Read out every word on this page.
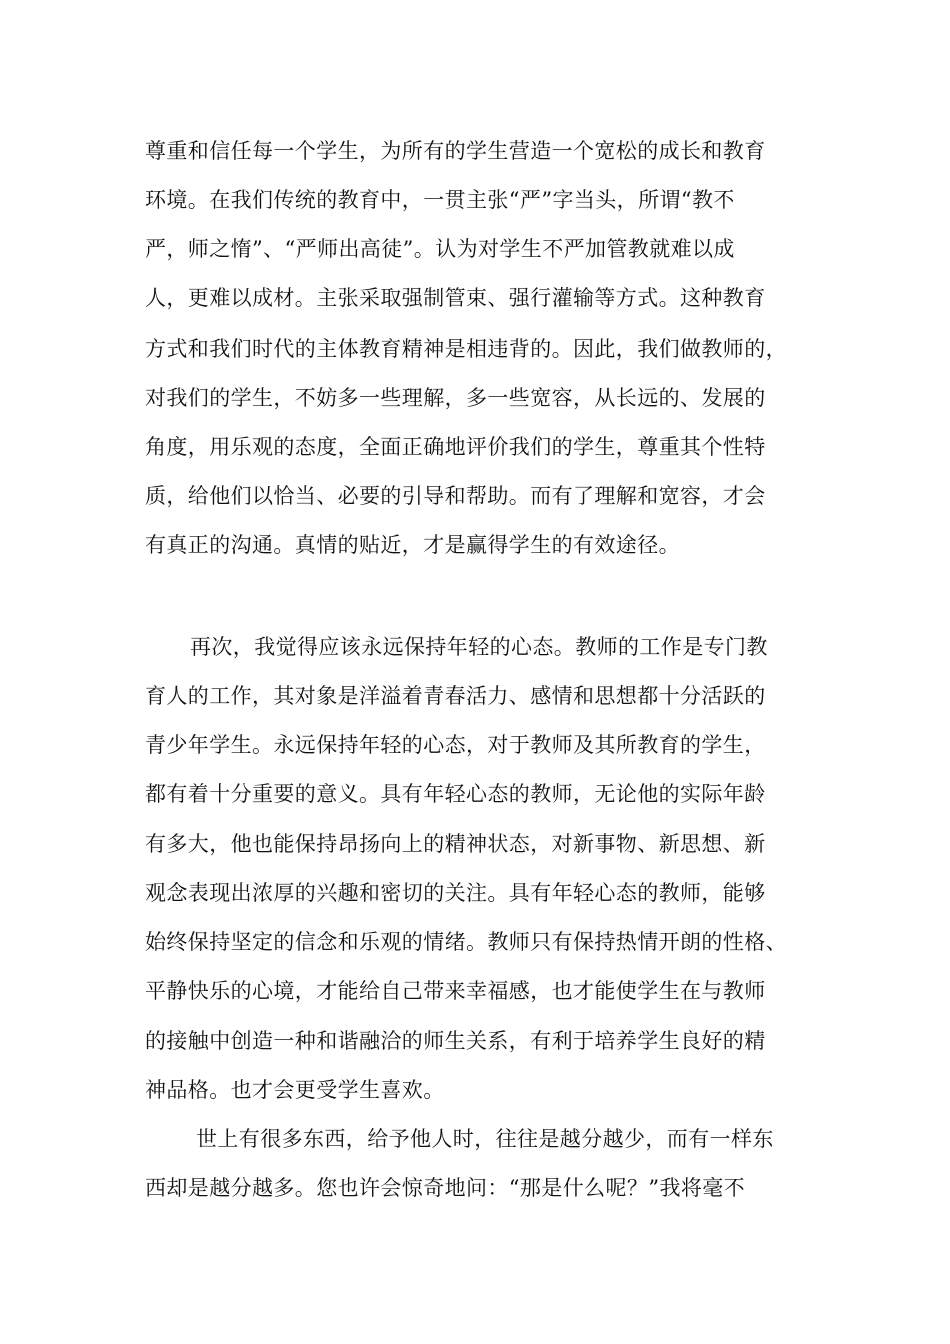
尊重和信任每一个学生，为所有的学生营造一个宽松的成长和教育
环境。在我们传统的教育中，一贯主张“严”字当头，所谓“教不
严，师之惰”、“严师出高徒”。认为对学生不严加管教就难以成
人，更难以成材。主张采取强制管束、强行灌输等方式。这种教育
方式和我们时代的主体教育精神是相违背的。因此，我们做教师的，
对我们的学生，不妨多一些理解，多一些宽容，从长远的、发展的
角度，用乐观的态度，全面正确地评价我们的学生，尊重其个性特
质，给他们以恰当、必要的引导和帮助。而有了理解和宽容，才会
有真正的沟通。真情的贴近，才是赢得学生的有效途径。
再次，我觉得应该永远保持年轻的心态。教师的工作是专门教
育人的工作，其对象是洋溢着青春活力、感情和思想都十分活跃的
青少年学生。永远保持年轻的心态，对于教师及其所教育的学生，
都有着十分重要的意义。具有年轻心态的教师，无论他的实际年龄
有多大，他也能保持昂扬向上的精神状态，对新事物、新思想、新
观念表现出浓厚的兴趣和密切的关注。具有年轻心态的教师，能够
始终保持坚定的信念和乐观的情绪。教师只有保持热情开朗的性格、
平静快乐的心境，才能给自己带来幸福感，也才能使学生在与教师
的接触中创造一种和谐融洽的师生关系，有利于培养学生良好的精
神品格。也才会更受学生喜欢。
世上有很多东西，给予他人时，往往是越分越少，而有一样东
西却是越分越多。您也许会惊奇地问：“那是什么呢？”我将毫不
